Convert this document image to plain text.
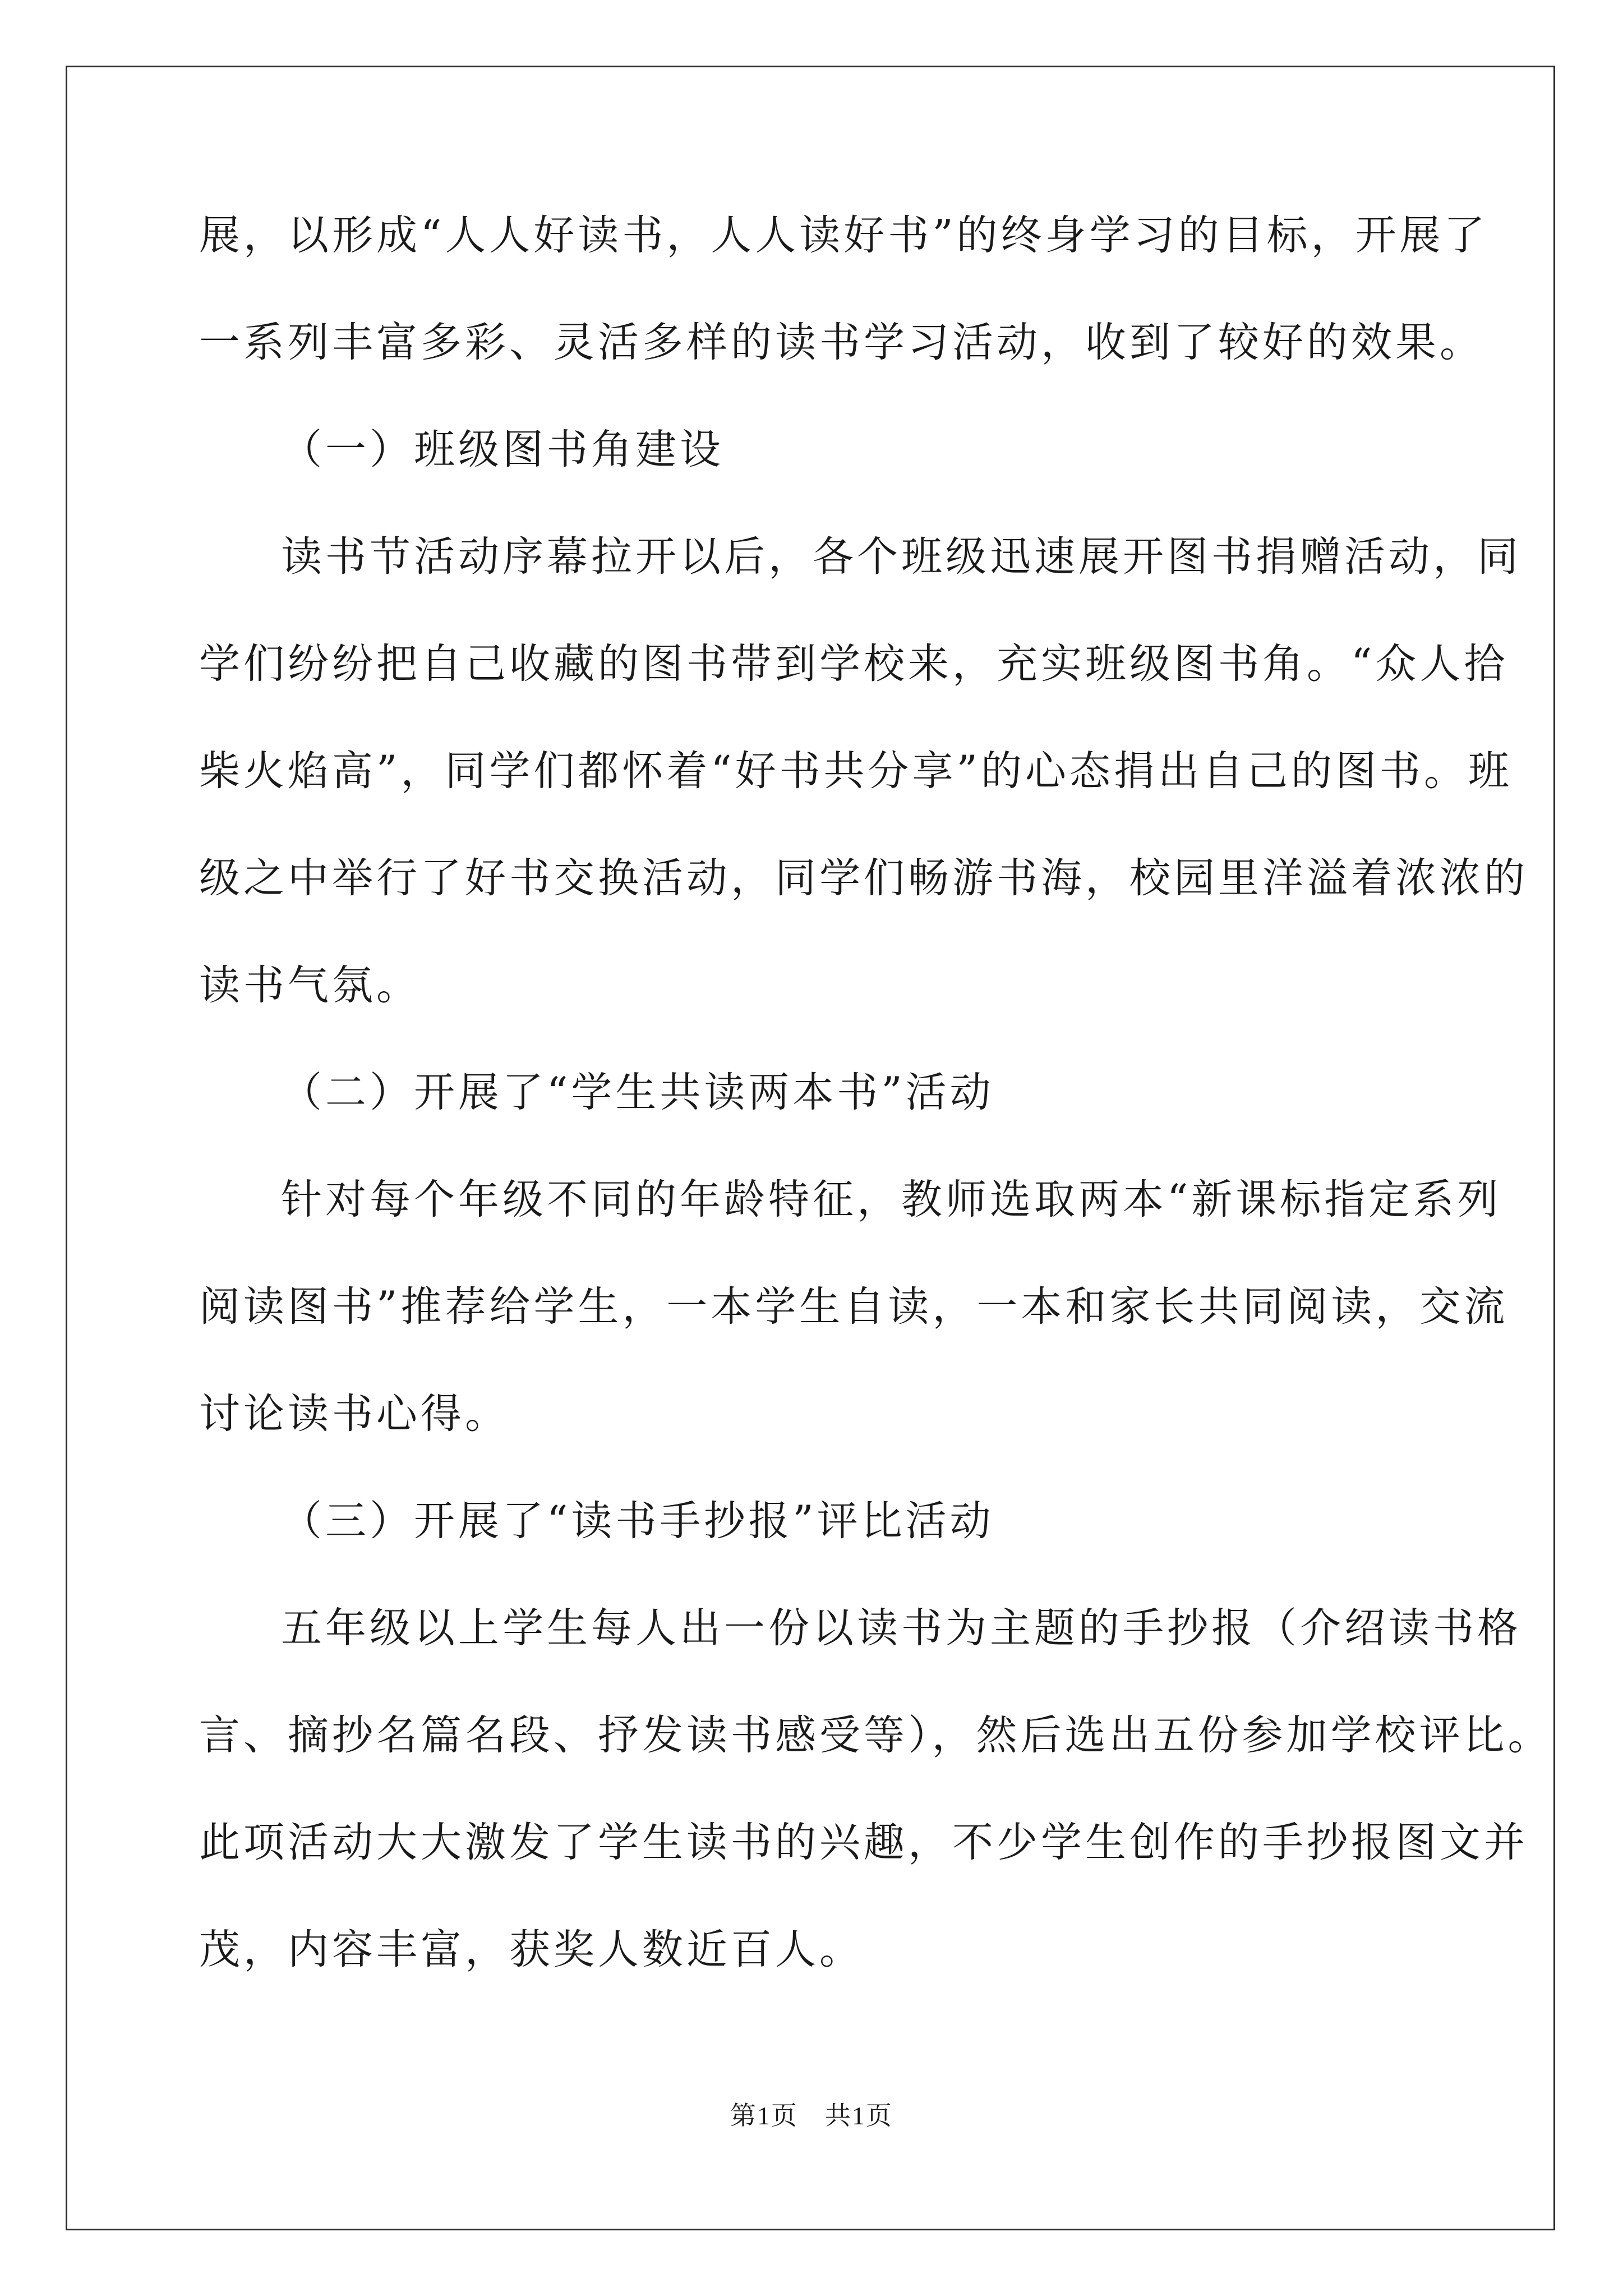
展，以形成“人人好读书，人人读好书”的终身学习的目标，开展了
一系列丰富多彩、灵活多样的读书学习活动，收到了较好的效果。
（一）班级图书角建设
读书节活动序幕拉开以后，各个班级迅速展开图书捐赠活动，同
学们纷纷把自己收藏的图书带到学校来，充实班级图书角。“众人拾
柴火焰高”，同学们都怀着“好书共分享”的心态捐出自己的图书。班
级之中举行了好书交换活动，同学们畅游书海，校园里洋溢着浓浓的
读书气氛。
（二）开展了“学生共读两本书”活动
针对每个年级不同的年龄特征，教师选取两本“新课标指定系列
阅读图书”推荐给学生，一本学生自读，一本和家长共同阅读，交流
讨论读书心得。
（三）开展了“读书手抄报”评比活动
五年级以上学生每人出一份以读书为主题的手抄报（介绍读书格
言、摘抄名篇名段、抒发读书感受等），然后选出五份参加学校评比。
此项活动大大激发了学生读书的兴趣，不少学生创作的手抄报图文并
茂，内容丰富，获奖人数近百人。
第1页　共1页
